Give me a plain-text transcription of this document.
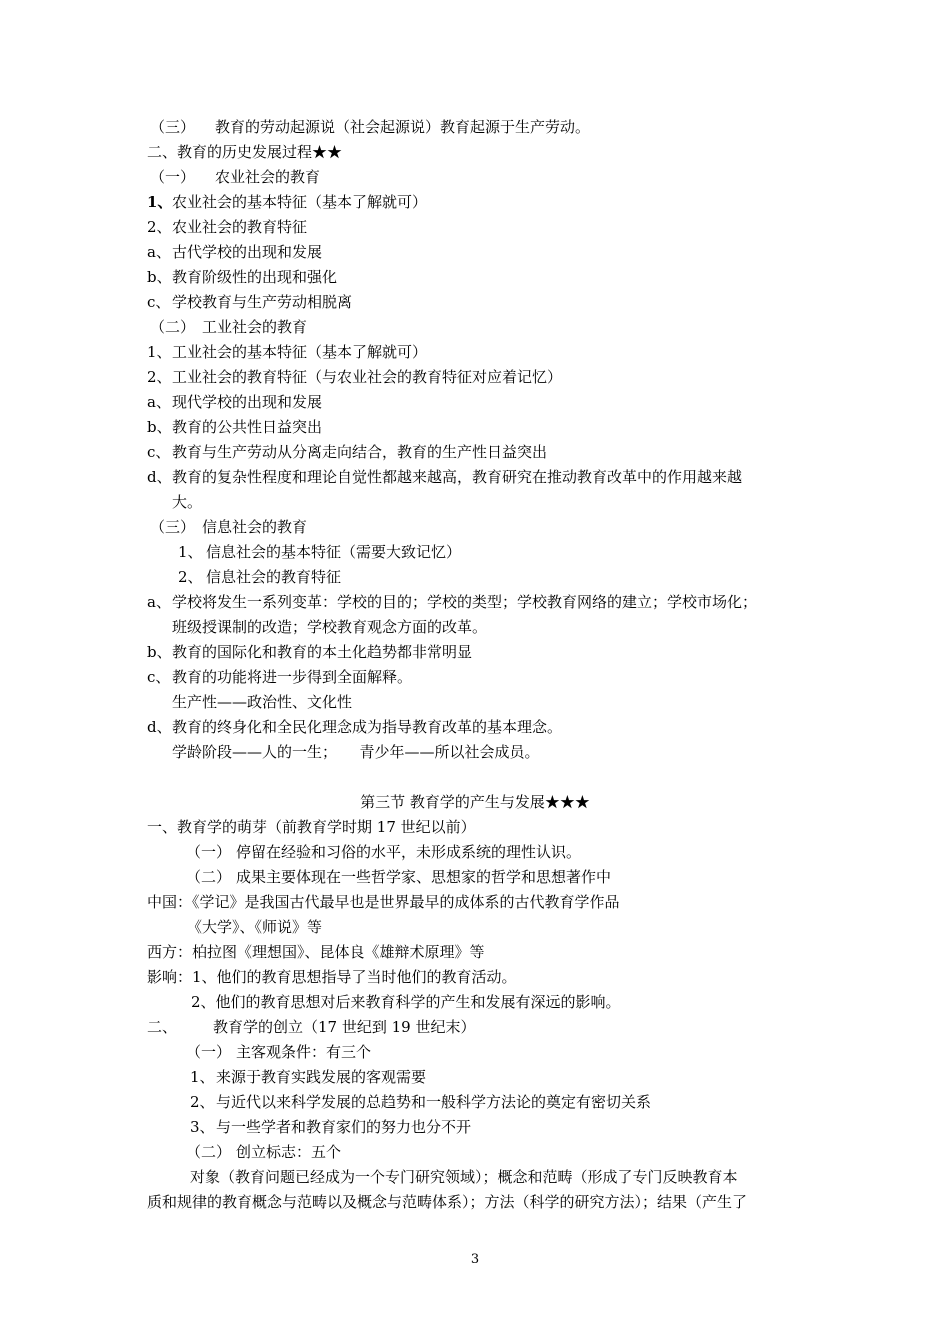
（三） 教育的劳动起源说（社会起源说）教育起源于生产劳动。
二、教育的历史发展过程★★
（一） 农业社会的教育
1、农业社会的基本特征（基本了解就可）
2、农业社会的教育特征
a、古代学校的出现和发展
b、教育阶级性的出现和强化
c、 学校教育与生产劳动相脱离
（二） 工业社会的教育
1、工业社会的基本特征（基本了解就可）
2、工业社会的教育特征（与农业社会的教育特征对应着记忆）
a、现代学校的出现和发展
b、教育的公共性日益突出
c、 教育与生产劳动从分离走向结合，教育的生产性日益突出
d、教育的复杂性程度和理论自觉性都越来越高，教育研究在推动教育改革中的作用越来越
大。
（三） 信息社会的教育
1、 信息社会的基本特征（需要大致记忆）
2、 信息社会的教育特征
a、学校将发生一系列变革：学校的目的；学校的类型；学校教育网络的建立；学校市场化；
班级授课制的改造；学校教育观念方面的改革。
b、教育的国际化和教育的本土化趋势都非常明显
c、 教育的功能将进一步得到全面解释。
生产性——政治性、文化性
d、教育的终身化和全民化理念成为指导教育改革的基本理念。
学龄阶段——人的一生；　　青少年——所以社会成员。
第三节 教育学的产生与发展★★★
一、教育学的萌芽（前教育学时期 17 世纪以前）
（一） 停留在经验和习俗的水平，未形成系统的理性认识。
（二） 成果主要体现在一些哲学家、思想家的哲学和思想著作中
中国：《学记》是我国古代最早也是世界最早的成体系的古代教育学作品
《大学》、《师说》等
西方：柏拉图《理想国》、昆体良《雄辩术原理》等
影响：1、他们的教育思想指导了当时他们的教育活动。
2、他们的教育思想对后来教育科学的产生和发展有深远的影响。
二、 教育学的创立（17 世纪到 19 世纪末）
（一） 主客观条件：有三个
1、来源于教育实践发展的客观需要
2、与近代以来科学发展的总趋势和一般科学方法论的奠定有密切关系
3、与一些学者和教育家们的努力也分不开
（二） 创立标志：五个
对象（教育问题已经成为一个专门研究领域）；概念和范畴（形成了专门反映教育本
质和规律的教育概念与范畴以及概念与范畴体系）；方法（科学的研究方法）；结果（产生了
3
